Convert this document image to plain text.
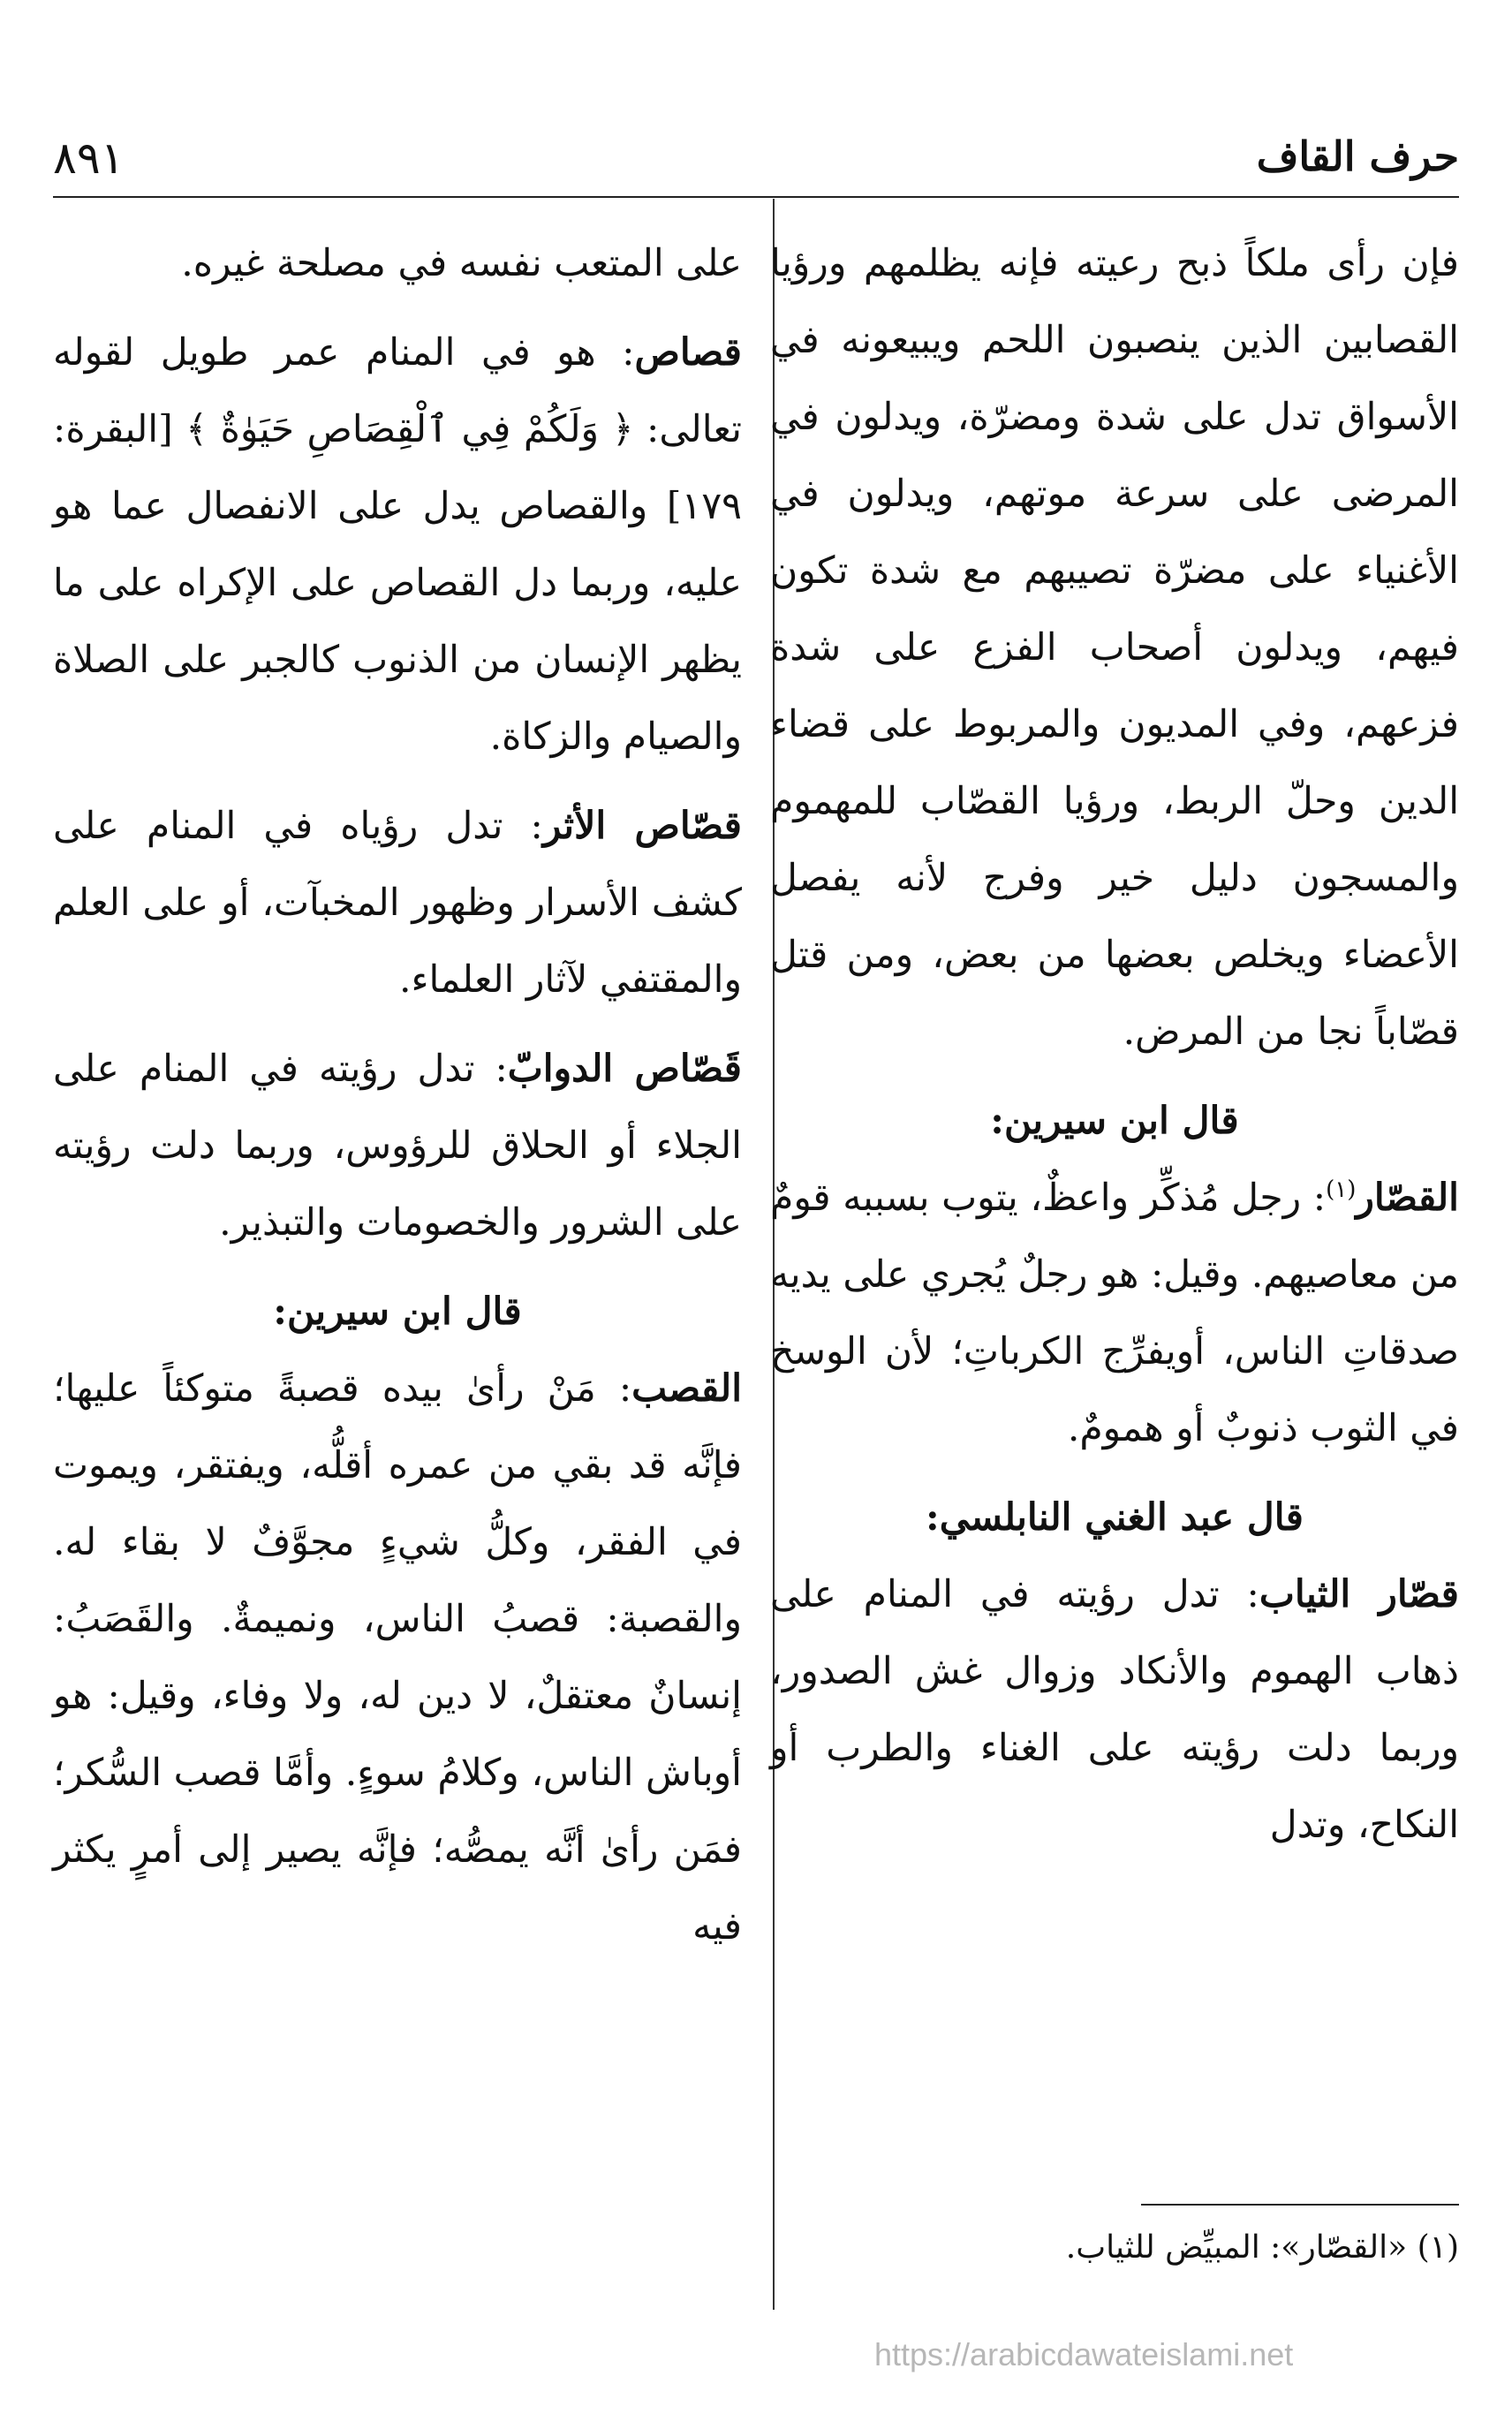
حرف القاف
٨٩١

فإن رأى ملكاً ذبح رعيته فإنه يظلمهم ورؤيا القصابين الذين ينصبون اللحم ويبيعونه في الأسواق تدل على شدة ومضرّة، ويدلون في المرضى على سرعة موتهم، ويدلون في الأغنياء على مضرّة تصيبهم مع شدة تكون فيهم، ويدلون أصحاب الفزع على شدة فزعهم، وفي المديون والمربوط على قضاء الدين وحلّ الربط، ورؤيا القصّاب للمهموم والمسجون دليل خير وفرج لأنه يفصل الأعضاء ويخلص بعضها من بعض، ومن قتل قصّاباً نجا من المرض.

قال ابن سيرين:

القصّار$^{(١)}$: رجل مُذكِّر واعظٌ، يتوب بسببه قومٌ من معاصيهم. وقيل: هو رجلٌ يُجري على يديه صدقاتِ الناس، أويفرِّج الكرباتِ؛ لأن الوسخ في الثوب ذنوبٌ أو همومٌ.

قال عبد الغني النابلسي:

قصّار الثياب: تدل رؤيته في المنام على ذهاب الهموم والأنكاد وزوال غش الصدور، وربما دلت رؤيته على الغناء والطرب أو النكاح، وتدل

على المتعب نفسه في مصلحة غيره.

قصاص: هو في المنام عمر طويل لقوله تعالى: ﴿ وَلَكُمْ فِي ٱلْقِصَاصِ حَيَوٰةٌ ﴾ [البقرة: ١٧٩] والقصاص يدل على الانفصال عما هو عليه، وربما دل القصاص على الإكراه على ما يظهر الإنسان من الذنوب كالجبر على الصلاة والصيام والزكاة.

قصّاص الأثر: تدل رؤياه في المنام على كشف الأسرار وظهور المخبآت، أو على العلم والمقتفي لآثار العلماء.

قَصّاص الدوابّ: تدل رؤيته في المنام على الجلاء أو الحلاق للرؤوس، وربما دلت رؤيته على الشرور والخصومات والتبذير.

قال ابن سيرين:

القصب: مَنْ رأىٰ بيده قصبةً متوكئاً عليها؛ فإنَّه قد بقي من عمره أقلُّه، ويفتقر، ويموت في الفقر، وكلُّ شيءٍ مجوَّفٌ لا بقاء له. والقصبة: قصبُ الناس، ونميمةٌ. والقَصَبُ: إنسانٌ معتقلٌ، لا دين له، ولا وفاء، وقيل: هو أوباش الناس، وكلامُ سوءٍ. وأمَّا قصب السُّكر؛ فمَن رأىٰ أنَّه يمصُّه؛ فإنَّه يصير إلى أمرٍ يكثر فيه

(١) «القصّار»: المبيِّض للثياب.
https://arabicdawateislami.net
